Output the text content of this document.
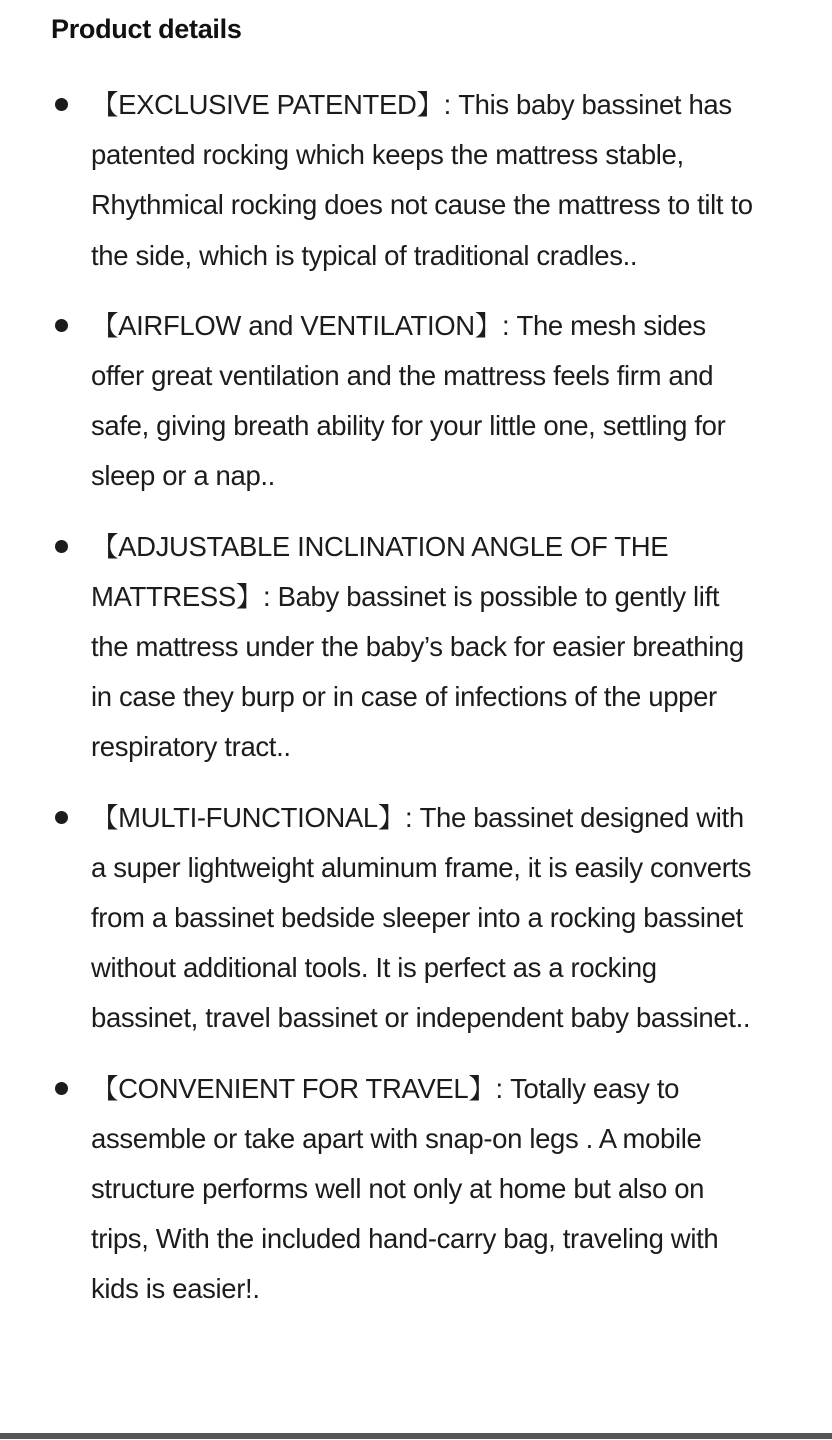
Product details
【EXCLUSIVE PATENTED】: This baby bassinet has patented rocking which keeps the mattress stable, Rhythmical rocking does not cause the mattress to tilt to the side, which is typical of traditional cradles..
【AIRFLOW and VENTILATION】: The mesh sides offer great ventilation and the mattress feels firm and safe, giving breath ability for your little one, settling for sleep or a nap..
【ADJUSTABLE INCLINATION ANGLE OF THE MATTRESS】: Baby bassinet is possible to gently lift the mattress under the baby’s back for easier breathing in case they burp or in case of infections of the upper respiratory tract..
【MULTI-FUNCTIONAL】: The bassinet designed with a super lightweight aluminum frame, it is easily converts from a bassinet bedside sleeper into a rocking bassinet without additional tools. It is perfect as a rocking bassinet, travel bassinet or independent baby bassinet..
【CONVENIENT FOR TRAVEL】: Totally easy to assemble or take apart with snap-on legs . A mobile structure performs well not only at home but also on trips, With the included hand-carry bag, traveling with kids is easier!.
